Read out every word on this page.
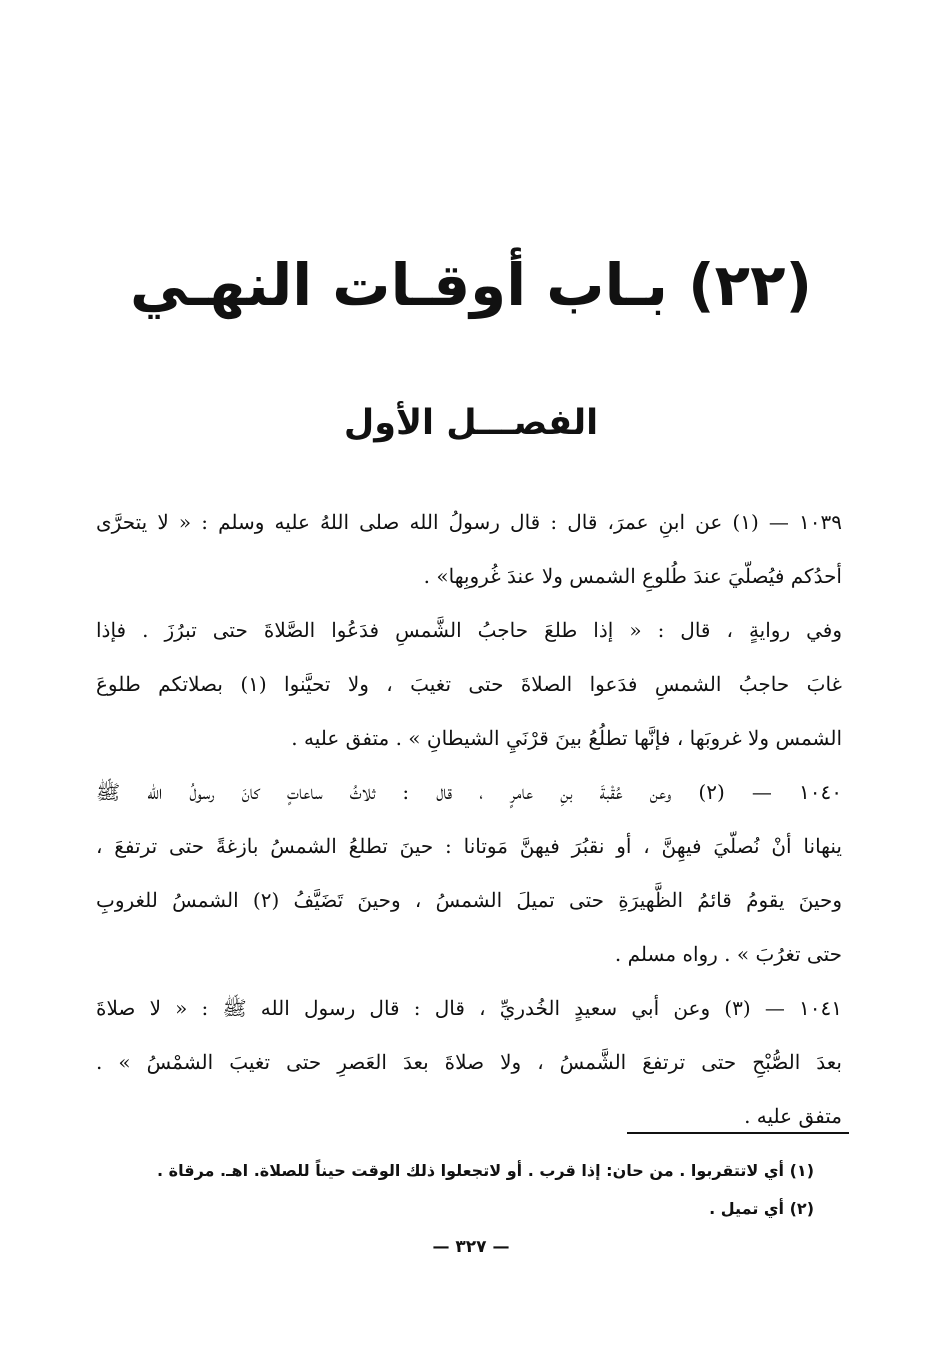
(٢٢) بـاب أوقـات النهـي
الفصـــل الأول
١٠٣٩ — (١) عن ابنِ عمرَ، قال : قال رسولُ الله صلى اللهُ عليه وسلم : « لا يتحرَّى
أحدُكم فيُصلّيَ عندَ طُلوعِ الشمس ولا عندَ غُروبِها» .
وفي روايةٍ ، قال : « إذا طلعَ حاجبُ الشَّمسِ فدَعُوا الصَّلاةَ حتى تبرُزَ . فإذا
غابَ حاجبُ الشمسِ فدَعوا الصلاةَ حتى تغيبَ ، ولا تحيَّنوا (١) بصلاتكم طلوعَ
الشمس ولا غروبَها ، فإنَّها تطلُعُ بينَ قرْنَيِ الشيطانِ » . متفق عليه .
١٠٤٠ — (٢) وعن عُقْبةَ بنِ عامرٍ ، قال : ثلاثُ ساعاتٍ كانَ رسولُ الله ﷺ
ينهانا أنْ نُصلّيَ فيهِنَّ ، أو نقبُرَ فيهنَّ مَوتانا : حينَ تطلعُ الشمسُ بازغةً حتى ترتفعَ ،
وحينَ يقومُ قائمُ الظَّهيرَةِ حتى تميلَ الشمسُ ، وحينَ تَضَيَّفُ (٢) الشمسُ للغروبِ
حتى تغرُبَ » . رواه مسلم .
١٠٤١ — (٣) وعن أبي سعيدٍ الخُدريِّ ، قال : قال رسول الله ﷺ : « لا صلاةَ
بعدَ الصُّبْحِ حتى ترتفعَ الشَّمسُ ، ولا صلاةَ بعدَ العَصرِ حتى تغيبَ الشمْسُ » .
متفق عليه .
(١) أي لاتتقربوا . من حان: إذا قرب . أو لاتجعلوا ذلك الوقت حيناً للصلاة. اهـ. مرقاة .
(٢) أي تميل .
— ٣٢٧ —
